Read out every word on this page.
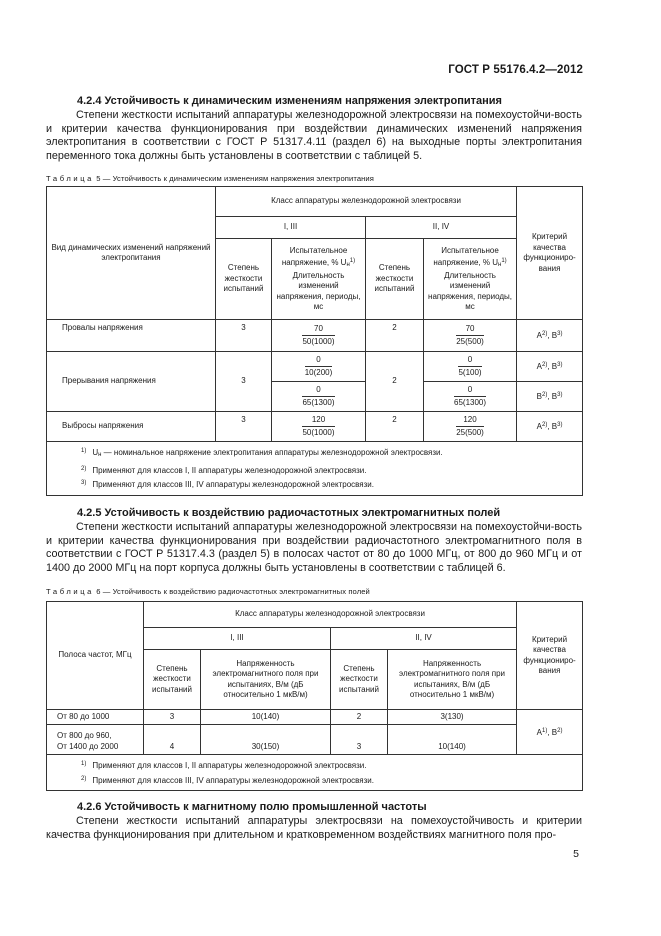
ГОСТ Р 55176.4.2—2012
4.2.4 Устойчивость к динамическим изменениям напряжения электропитания
Степени жесткости испытаний аппаратуры железнодорожной электросвязи на помехоустойчи-вость и критерии качества функционирования при воздействии динамических изменений напряжения электропитания в соответствии с ГОСТ Р 51317.4.11 (раздел 6) на выходные порты электропитания переменного тока должны быть установлены в соответствии с таблицей 5.
Таблица 5 — Устойчивость к динамическим изменениям напряжения электропитания
Вид динамических изменений напряжений электропитания	Класс аппаратуры железнодорожной электросвязи				Критерий качества функциониро-вания
	I, III		II, IV		
	Степень жесткости испытаний	Испытательное напряжение, % $U_н^{1)}$ Длительность изменений напряжения, периоды, мс	Степень жесткости испытаний	Испытательное напряжение, % $U_н^{1)}$ Длительность изменений напряжения, периоды, мс	
Провалы напряжения	3	$\frac{70}{50(1000)}$	2	$\frac{70}{25(500)}$	$A^{2)}$, $B^{3)}$
Прерывания напряжения	3	$\frac{0}{10(200)}$	2	$\frac{0}{5(100)}$	$A^{2)}$, $B^{3)}$

		$\frac{0}{65(1300)}$		$\frac{0}{65(1300)}$	$B^{2)}$, $B^{3)}$
Выбросы напряжения	3	$\frac{120}{50(1000)}$	2	$\frac{120}{25(500)}$	$A^{2)}$, $B^{3)}$

$^{1)}$ $U_н$ — номинальное напряжение электропитания аппаратуры железнодорожной электросвязи.
$^{2)}$ Применяют для классов I, II аппаратуры железнодорожной электросвязи.
$^{3)}$ Применяют для классов III, IV аппаратуры железнодорожной электросвязи.					
4.2.5 Устойчивость к воздействию радиочастотных электромагнитных полей
Степени жесткости испытаний аппаратуры железнодорожной электросвязи на помехоустойчи-вость и критерии качества функционирования при воздействии радиочастотного электромагнитного поля в соответствии с ГОСТ Р 51317.4.3 (раздел 5) в полосах частот от 80 до 1000 МГц, от 800 до 960 МГц и от 1400 до 2000 МГц на порт корпуса должны быть установлены в соответствии с таблицей 6.
Таблица 6 — Устойчивость к воздействию радиочастотных электромагнитных полей
Полоса частот, МГц	Класс аппаратуры железнодорожной электросвязи				Критерий качества функциониро-вания
	I, III		II, IV		
	Степень жесткости испытаний	Напряженность электромагнитного поля при испытаниях, В/м (дБ относительно 1 мкВ/м)	Степень жесткости испытаний	Напряженность электромагнитного поля при испытаниях, В/м (дБ относительно 1 мкВ/м)	
От 80 до 1000	3	10(140)	2	3(130)	$A^{1)}$, $B^{2)}$

От 800 до 960,
От 1400 до 2000	4	30(150)	3	10(140)	

$^{1)}$ Применяют для классов I, II аппаратуры железнодорожной электросвязи.
$^{2)}$ Применяют для классов III, IV аппаратуры железнодорожной электросвязи.					
4.2.6 Устойчивость к магнитному полю промышленной частоты
Степени жесткости испытаний аппаратуры электросвязи на помехоустойчивость и критерии качества функционирования при длительном и кратковременном воздействиях магнитного поля про-
5
